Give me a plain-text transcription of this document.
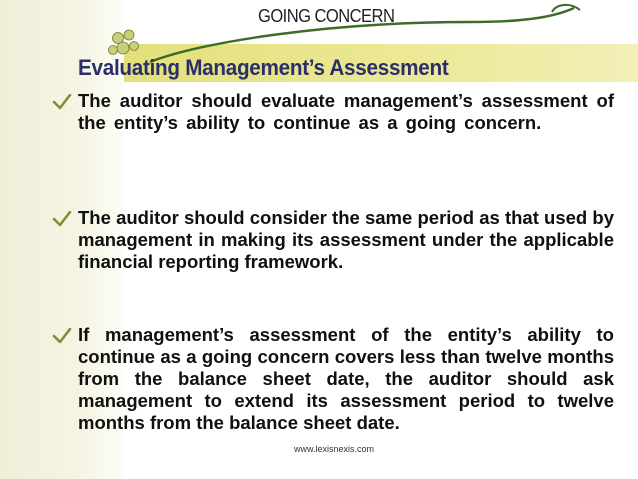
GOING CONCERN
Evaluating Management’s Assessment
The auditor should evaluate management’s assessment of the entity’s ability to continue as a going concern.
The auditor should consider the same period as that used by management in making its assessment under the applicable financial reporting framework.
If management’s assessment of the entity’s ability to continue as a going concern covers less than twelve months from the balance sheet date, the auditor should ask management to extend its assessment period to twelve months from the balance sheet date.
www.lexisnexis.com
